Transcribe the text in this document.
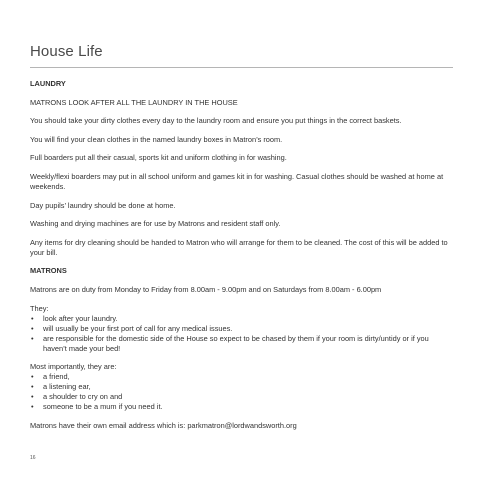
House Life

LAUNDRY

MATRONS LOOK AFTER ALL THE LAUNDRY IN THE HOUSE

You should take your dirty clothes every day to the laundry room and ensure you put things in the correct baskets.

You will find your clean clothes in the named laundry boxes in Matron’s room.

Full boarders put all their casual, sports kit and uniform clothing in for washing.

Weekly/flexi boarders may put in all school uniform and games kit in for washing. Casual clothes should be washed at home at weekends.

Day pupils’ laundry should be done at home.

Washing and drying machines are for use by Matrons and resident staff only.

Any items for dry cleaning should be handed to Matron who will arrange for them to be cleaned. The cost of this will be added to your bill.

MATRONS

Matrons are on duty from Monday to Friday from 8.00am - 9.00pm and on Saturdays from 8.00am - 6.00pm

They:

• look after your laundry.
• will usually be your first port of call for any medical issues.
• are responsible for the domestic side of the House so expect to be chased by them if your room is dirty/untidy or if you haven’t made your bed!

Most importantly, they are:

• a friend,
• a listening ear,
• a shoulder to cry on and
• someone to be a mum if you need it.

Matrons have their own email address which is: parkmatron@lordwandsworth.org

16
